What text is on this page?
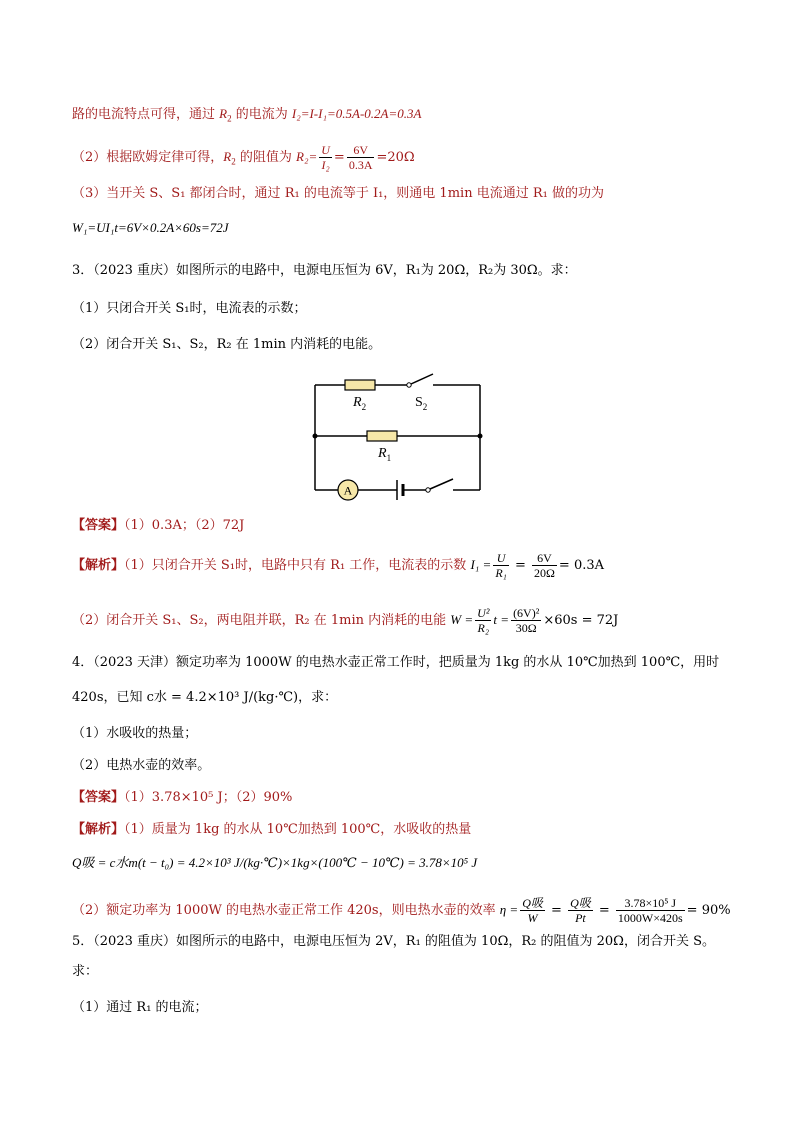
路的电流特点可得，通过 $R_2$ 的电流为 I₂=I-I₁=0.5A-0.2A=0.3A
（2）根据欧姆定律可得，$R_2$ 的阻值为 $R_2= \frac{U}{\text{I₂}} = \frac{6V}{0.3A} =20\Omega$
（3）当开关 S、S₁ 都闭合时，通过 R₁ 的电流等于 I₁，则通电 1min 电流通过 R₁ 做的功为
W₁=UI₁t=6V×0.2A×60s=72J
3．（2023 重庆）如图所示的电路中，电源电压恒为 6V，R₁为 20Ω，R₂为 30Ω。求：
（1）只闭合开关 S₁时，电流表的示数；
（2）闭合开关 S₁、S₂，R₂ 在 1min 内消耗的电能。
A
$R_2$	$S_2$
$R_1$
【答案】（1）0.3A；（2）72J
【解析】（1）只闭合开关 S₁时，电路中只有 R₁ 工作，电流表的示数 $I_1 = \frac{U}{\text{R₁}} = \frac{6V}{20\Omega} = 0.3A$
（2）闭合开关 S₁、S₂，两电阻并联，R₂ 在 1min 内消耗的电能 $W = \frac{\text{U²}}{\text{R₂}}$ $t = \frac{\text{(6V)²}}{30\Omega} \times 60s = 72J$
4．（2023 天津）额定功率为 1000W 的电热水壶正常工作时，把质量为 1kg 的水从 10℃加热到 100℃，用时
420s，已知 c水 = 4.2×10³ J/(kg·℃)，求：
（1）水吸收的热量；
（2）电热水壶的效率。
【答案】（1）3.78×10⁵ J；（2）90%
【解析】（1）质量为 1kg 的水从 10℃加热到 100℃，水吸收的热量
Q吸 = c水m(t − t₀) = 4.2×10³ J/(kg·℃)×1kg×(100℃ − 10℃) = 3.78×10⁵ J
（2）额定功率为 1000W 的电热水壶正常工作 420s，则电热水壶的效率 $\eta = \frac{\text{Q吸}}{W} = \frac{\text{Q吸}}{Pt} = \frac{\text{3.78×10⁵ J}}{1000W\times 420s} = 90\%$
5．（2023 重庆）如图所示的电路中，电源电压恒为 2V，R₁ 的阻值为 10Ω，R₂ 的阻值为 20Ω，闭合开关 S。
求：
（1）通过 R₁ 的电流；
